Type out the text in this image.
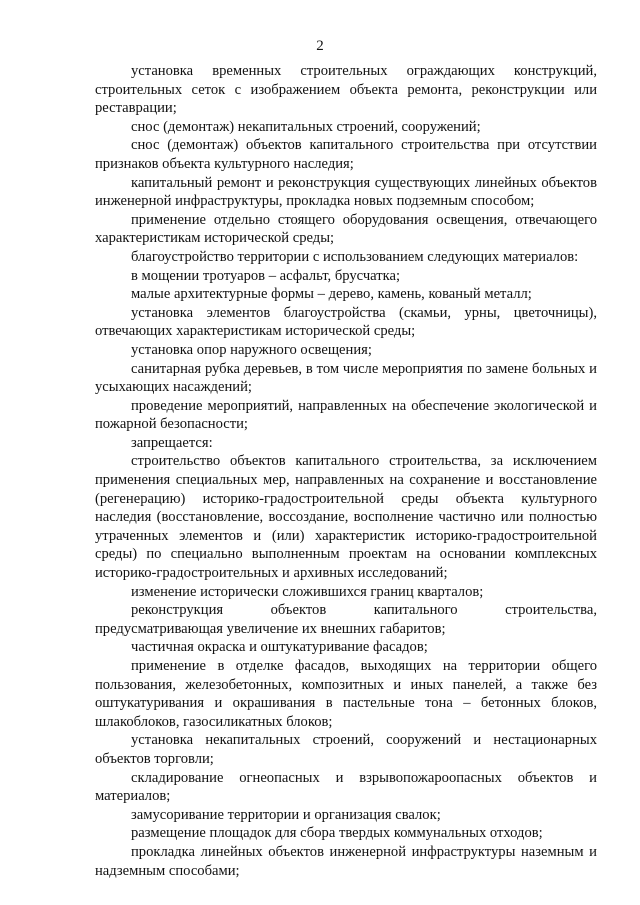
2

установка временных строительных ограждающих конструкций, строительных сеток с изображением объекта ремонта, реконструкции или реставрации;

снос (демонтаж) некапитальных строений, сооружений;

снос (демонтаж) объектов капитального строительства при отсутствии признаков объекта культурного наследия;

капитальный ремонт и реконструкция существующих линейных объектов инженерной инфраструктуры, прокладка новых подземным способом;

применение отдельно стоящего оборудования освещения, отвечающего характеристикам исторической среды;

благоустройство территории с использованием следующих материалов:

в мощении тротуаров – асфальт, брусчатка;

малые архитектурные формы – дерево, камень, кованый металл;

установка элементов благоустройства (скамьи, урны, цветочницы), отвечающих характеристикам исторической среды;

установка опор наружного освещения;

санитарная рубка деревьев, в том числе мероприятия по замене больных и усыхающих насаждений;

проведение мероприятий, направленных на обеспечение экологической и пожарной безопасности;

запрещается:

строительство объектов капитального строительства, за исключением применения специальных мер, направленных на сохранение и восстановление (регенерацию) историко-градостроительной среды объекта культурного наследия (восстановление, воссоздание, восполнение частично или полностью утраченных элементов и (или) характеристик историко-градостроительной среды) по специально выполненным проектам на основании комплексных историко-градостроительных и архивных исследований;

изменение исторически сложившихся границ кварталов;

реконструкция объектов капитального строительства, предусматривающая увеличение их внешних габаритов;

частичная окраска и оштукатуривание фасадов;

применение в отделке фасадов, выходящих на территории общего пользования, железобетонных, композитных и иных панелей, а также без оштукатуривания и окрашивания в пастельные тона – бетонных блоков, шлакоблоков, газосиликатных блоков;

установка некапитальных строений, сооружений и нестационарных объектов торговли;

складирование огнеопасных и взрывопожароопасных объектов и материалов;

замусоривание территории и организация свалок;

размещение площадок для сбора твердых коммунальных отходов;

прокладка линейных объектов инженерной инфраструктуры наземным и надземным способами;
